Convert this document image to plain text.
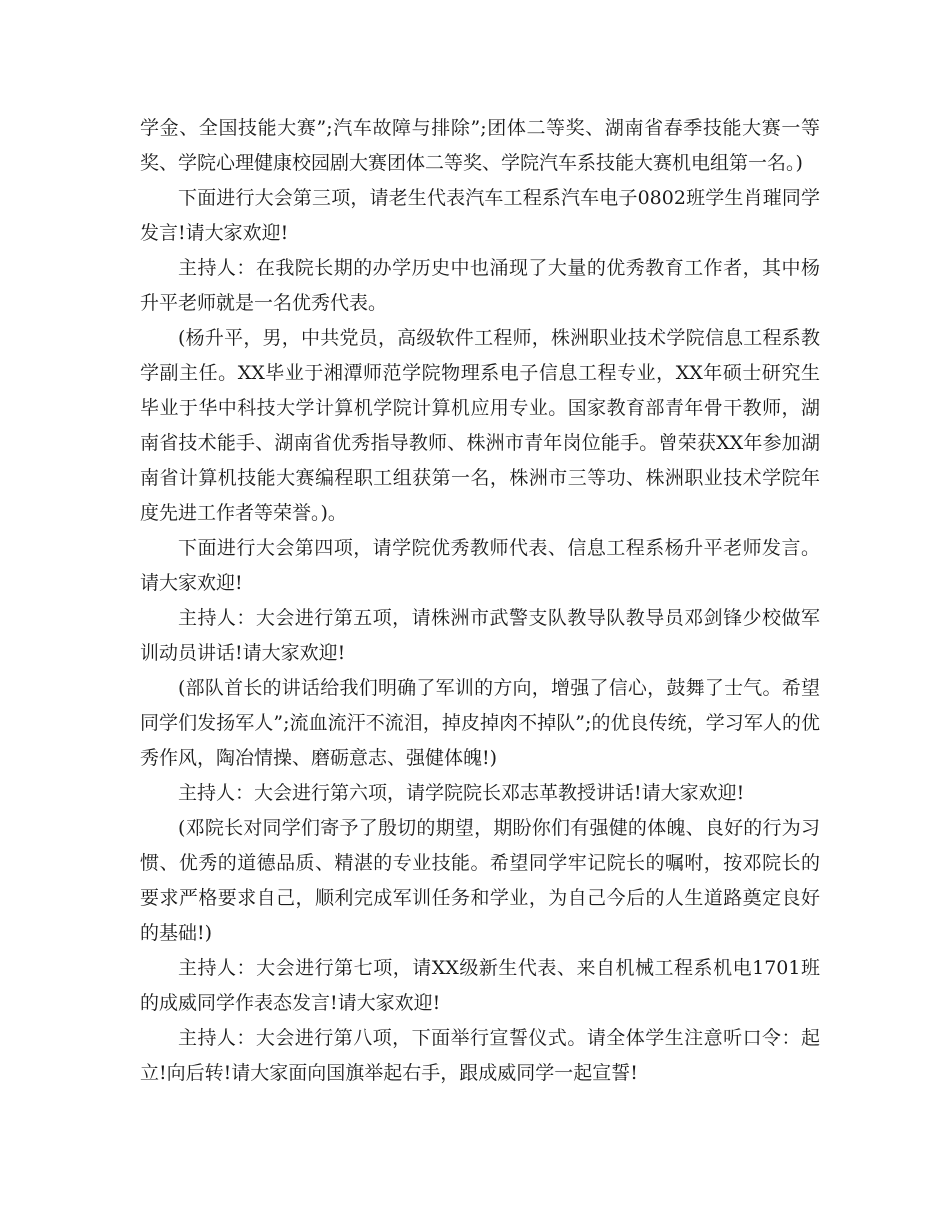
学金、全国技能大赛”;汽车故障与排除”;团体二等奖、湖南省春季技能大赛一等奖、学院心理健康校园剧大赛团体二等奖、学院汽车系技能大赛机电组第一名。)

下面进行大会第三项，请老生代表汽车工程系汽车电子0802班学生肖璀同学发言!请大家欢迎!

主持人：在我院长期的办学历史中也涌现了大量的优秀教育工作者，其中杨升平老师就是一名优秀代表。

(杨升平，男，中共党员，高级软件工程师，株洲职业技术学院信息工程系教学副主任。XX毕业于湘潭师范学院物理系电子信息工程专业，XX年硕士研究生毕业于华中科技大学计算机学院计算机应用专业。国家教育部青年骨干教师，湖南省技术能手、湖南省优秀指导教师、株洲市青年岗位能手。曾荣获XX年参加湖南省计算机技能大赛编程职工组获第一名，株洲市三等功、株洲职业技术学院年度先进工作者等荣誉。)。

下面进行大会第四项，请学院优秀教师代表、信息工程系杨升平老师发言。请大家欢迎!

主持人：大会进行第五项，请株洲市武警支队教导队教导员邓剑锋少校做军训动员讲话!请大家欢迎!

(部队首长的讲话给我们明确了军训的方向，增强了信心，鼓舞了士气。希望同学们发扬军人”;流血流汗不流泪，掉皮掉肉不掉队”;的优良传统，学习军人的优秀作风，陶冶情操、磨砺意志、强健体魄!)

主持人：大会进行第六项，请学院院长邓志革教授讲话!请大家欢迎!

(邓院长对同学们寄予了殷切的期望，期盼你们有强健的体魄、良好的行为习惯、优秀的道德品质、精湛的专业技能。希望同学牢记院长的嘱咐，按邓院长的要求严格要求自己，顺利完成军训任务和学业，为自己今后的人生道路奠定良好的基础!)

主持人：大会进行第七项，请XX级新生代表、来自机械工程系机电1701班的成威同学作表态发言!请大家欢迎!

主持人：大会进行第八项，下面举行宣誓仪式。请全体学生注意听口令：起立!向后转!请大家面向国旗举起右手，跟成威同学一起宣誓!
